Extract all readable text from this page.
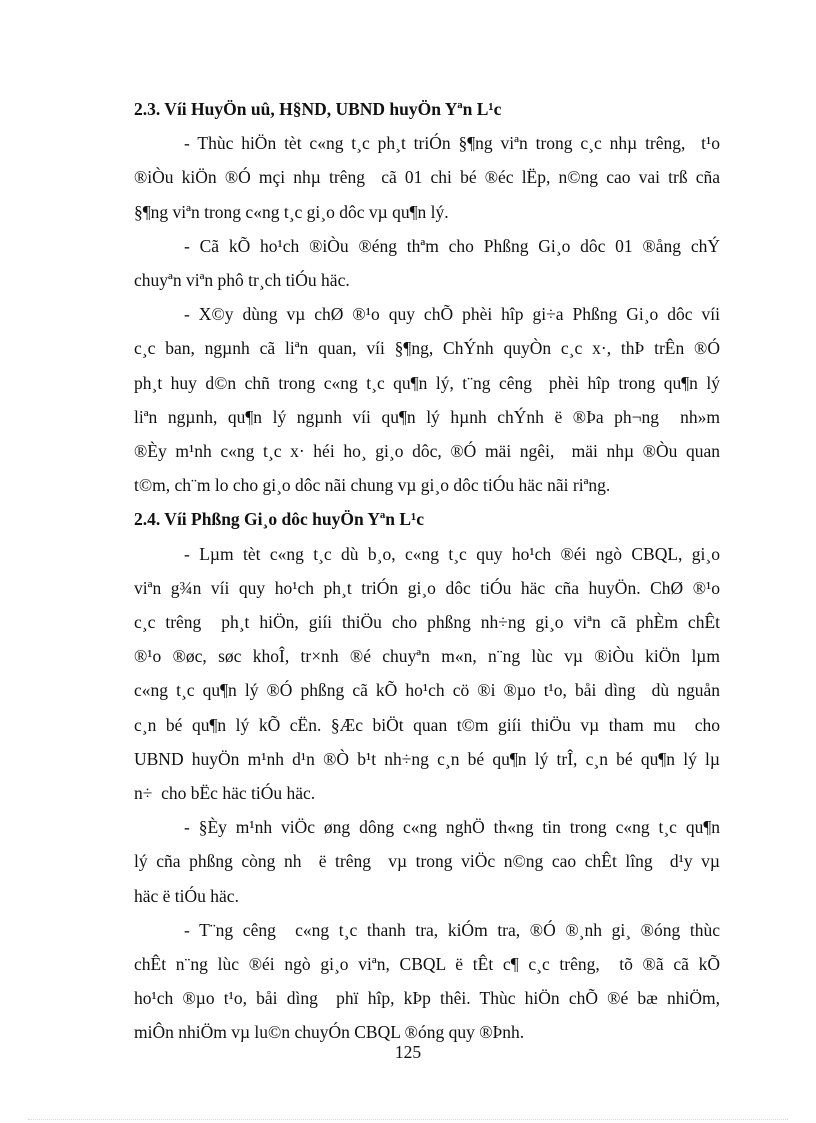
2.3. Víi HuyÖn uû, H§ND, UBND huyÖn Yªn L¹c
- Thùc hiÖn tèt c«ng t¸c ph¸t triÓn §¶ng viªn trong c¸c nhµ trêng,  t¹o
®iÒu kiÖn ®Ó mçi nhµ trêng  cã 01 chi bé ®éc lËp, n©ng cao vai trß cña
§¶ng viªn trong c«ng t¸c gi¸o dôc vµ qu¶n lý.
- Cã kÕ ho¹ch ®iÒu ®éng thªm cho Phßng Gi¸o dôc 01 ®ång chÝ
chuyªn viªn phô tr¸ch tiÓu häc.
- X©y dùng vµ chØ ®¹o quy chÕ phèi hîp gi÷a Phßng Gi¸o dôc víi
c¸c ban, ngµnh cã liªn quan, víi §¶ng, ChÝnh quyÒn c¸c x·, thÞ trÊn ®Ó
ph¸t huy d©n chñ trong c«ng t¸c qu¶n lý, t¨ng cêng  phèi hîp trong qu¶n lý
liªn ngµnh, qu¶n lý ngµnh víi qu¶n lý hµnh chÝnh ë ®Þa ph¬ng  nh»m
®Èy m¹nh c«ng t¸c x· héi ho¸ gi¸o dôc, ®Ó mäi ngêi,  mäi nhµ ®Òu quan
t©m, ch¨m lo cho gi¸o dôc nãi chung vµ gi¸o dôc tiÓu häc nãi riªng.
2.4. Víi Phßng Gi¸o dôc huyÖn Yªn L¹c
- Lµm tèt c«ng t¸c dù b¸o, c«ng t¸c quy ho¹ch ®éi ngò CBQL, gi¸o
viªn g¾n víi quy ho¹ch ph¸t triÓn gi¸o dôc tiÓu häc cña huyÖn. ChØ ®¹o
c¸c trêng  ph¸t hiÖn, giíi thiÖu cho phßng nh÷ng gi¸o viªn cã phÈm chÊt
®¹o ®øc, søc khoÎ, tr×nh ®é chuyªn m«n, n¨ng lùc vµ ®iÒu kiÖn lµm
c«ng t¸c qu¶n lý ®Ó phßng cã kÕ ho¹ch cö ®i ®µo t¹o, båi dìng  dù nguån
c¸n bé qu¶n lý kÕ cËn. §Æc biÖt quan t©m giíi thiÖu vµ tham mu  cho
UBND huyÖn m¹nh d¹n ®Ò b¹t nh÷ng c¸n bé qu¶n lý trÎ, c¸n bé qu¶n lý lµ
n÷  cho bËc häc tiÓu häc.
- §Èy m¹nh viÖc øng dông c«ng nghÖ th«ng tin trong c«ng t¸c qu¶n
lý cña phßng còng nh  ë trêng  vµ trong viÖc n©ng cao chÊt lîng  d¹y vµ
häc ë tiÓu häc.
- T¨ng cêng  c«ng t¸c thanh tra, kiÓm tra, ®Ó ®¸nh gi¸ ®óng thùc
chÊt n¨ng lùc ®éi ngò gi¸o viªn, CBQL ë tÊt c¶ c¸c trêng,  tõ ®ã cã kÕ
ho¹ch ®µo t¹o, båi dìng  phï hîp, kÞp thêi. Thùc hiÖn chÕ ®é bæ nhiÖm,
miÔn nhiÖm vµ lu©n chuyÓn CBQL ®óng quy ®Þnh.
125
